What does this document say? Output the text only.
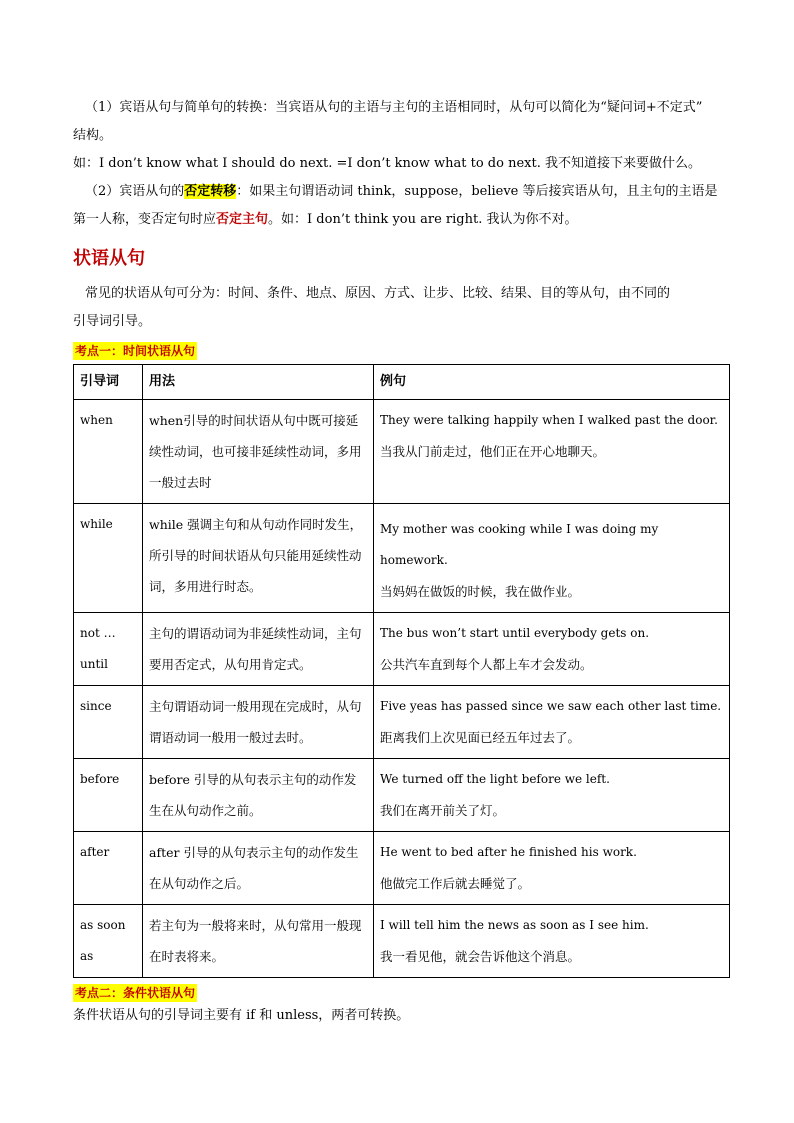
（1）宾语从句与简单句的转换：当宾语从句的主语与主句的主语相同时，从句可以简化为“疑问词+不定式”
结构。
如：I don’t know what I should do next. =I don’t know what to do next. 我不知道接下来要做什么。

（2）宾语从句的否定转移：如果主句谓语动词 think，suppose，believe 等后接宾语从句，且主句的主语是
第一人称，变否定句时应否定主句。如：I don’t think you are right. 我认为你不对。

状语从句

常见的状语从句可分为：时间、条件、地点、原因、方式、让步、比较、结果、目的等从句，由不同的
引导词引导。

考点一：时间状语从句
引导词	用法	例句
when	when引导的时间状语从句中既可接延续性动词，也可接非延续性动词，多用一般过去时	They were talking happily when I walked past the door.
当我从门前走过，他们正在开心地聊天。

while	while 强调主句和从句动作同时发生，所引导的时间状语从句只能用延续性动词，多用进行时态。	My mother was cooking while I was doing my homework.
当妈妈在做饭的时候，我在做作业。

not … until	主句的谓语动词为非延续性动词，主句要用否定式，从句用肯定式。	The bus won’t start until everybody gets on.
公共汽车直到每个人都上车才会发动。

since	主句谓语动词一般用现在完成时，从句谓语动词一般用一般过去时。	Five yeas has passed since we saw each other last time.
距离我们上次见面已经五年过去了。

before	before 引导的从句表示主句的动作发生在从句动作之前。	We turned off the light before we left.
我们在离开前关了灯。

after	after 引导的从句表示主句的动作发生在从句动作之后。	He went to bed after he finished his work.
他做完工作后就去睡觉了。

as soon as	若主句为一般将来时，从句常用一般现在时表将来。	I will tell him the news as soon as I see him.
我一看见他，就会告诉他这个消息。
考点二：条件状语从句

条件状语从句的引导词主要有 if 和 unless，两者可转换。
